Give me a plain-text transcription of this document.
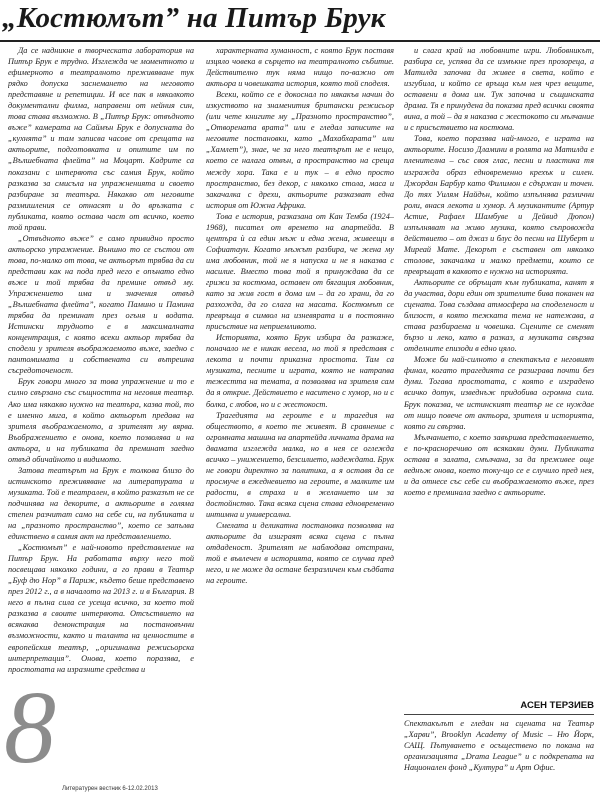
„Костюмът” на Питър Брук

Да се надникне в творческата лаборатория на Питър Брук е трудно. Изглежда че моментното и ефимерното в театралното преживяване тук рядко допуска заснемането на неговото представяне и репетиции. И все пак в няколкото документални филма, направени от нейния син, това става възможно. В „Питър Брук: отвъдното въже” камерата на Саймън Брук е допусната до „кухнята” и там записва часове от срещата на актьорите, подготовката и опитите им по „Вълшебната флейта” на Моцарт. Кадрите са показани с интервюта със самия Брук, който разказва за смисъла на упражненията и своето разбиране за театъра. Някакво от неговите размишления се отнасят и до връзката с публиката, която остава част от всичко, което той прави.

„Отвъдното въже” е само привидно просто актьорско упражнение. Външно то се състои от това, по-малко от това, че актьорът трябва да си представи как на пода пред него е опънато едно въже и той трябва да премине отвъд му. Упражнението има и значения отвъд „Вълшебната флейта”, когато Памино и Памина трябва да преминат през огъня и водата. Истински трудното е в максималната концентрация, с която всеки актьор трябва да сподели у зрителя въображаемото въже, заедно с пантомимата и собствената си вътрешна съсредоточеност.

Брук говори много за това упражнение и то е силно свързано със същността на неговия театър. Ако има някакво нужно на театъра, казва той, то е именно мига, в който актьорът предава на зрителя въображаемото, а зрителят му вярва. Въображението е онова, което позволява и на актьора, и на публиката да преминат заедно отвъд обичайното и видимото.

Затова театърът на Брук е толкова близо до истинското преживяване на литературата и музиката. Той е театрален, в който разказът не се подчинява на декорите, а актьорите в голяма степен разчитат само на себе си, на публиката и на „празното пространство”, което се запълва единствено в самия акт на представлението.

„Костюмът” е най-новото представление на Питър Брук. На рабoтата върху него той посвещава няколко години, а го прави в Театър „Буф дю Нор” в Париж, където беше представено през 2012 г., а в началото на 2013 г. и в България. В него в пълна сила се усеща всичко, за което той разказва в своите интервюта. Отсъствието на всякаква демонстрация на постановъчни възможности, както и таланта на ценностите в европейския театър, „оригинална режисьорска интерпретация”. Онова, което поразява, е простотата на изразните средства и

характерната хуманност, с която Брук поставя изцяло човека в сърцето на театралното събитие. Действително тук няма нищо по-важно от актьора и човешката история, която той споделя.

Всеки, който се е докоснал по някакъв начин до изкуството на знаменития британски режисьор (или чете книгите му „Празното пространство”, „Отворената врата” или е гледал записите на неговите постановки, като „Махабхарата” или „Хамлет”), знае, че за него театърът не е нещо, което се налага отвън, а пространство на среща между хора. Така е и тук – в едно просто пространство, без декор, с няколко стола, маса и закачалка с дрехи, актьорите разказват една история от Южна Африка.

Това е история, разказана от Кан Темба (1924–1968), писател от времето на апартейда. В центъра ѝ са един мъж и една жена, живеещи в Софиатаун. Когато мъжът разбира, че жена му има любовник, той не я напуска и не я наказва с насилие. Вместо това той я принуждава да се грижи за костюма, оставен от бягащия любовник, като за жив гост в дома им – да го храни, да го разхожда, да го слага на масата. Костюмът се превръща в символ на изневярата и в постоянно присъствие на неприемливото.

Историята, която Брук избира да разкаже, поначало не е никак весела, но той я представя с лекота и почти приказна простота. Там са музиката, песните и играта, която не натрапва тежестта на темата, а позволява на зрителя сам да я открие. Действието е наситено с хумор, но и с болка, с любов, но и с жестокост.

Трагедията на героите е и трагедия на обществото, в което те живеят. В сравнение с огромната машина на апартейда личната драма на двамата изглежда малка, но в нея се оглежда всичко – унижението, безсилието, надеждата. Брук не говори директно за политика, а я оставя да се просмуче в ежедневието на героите, в малките им радости, в страха и в желанието им за достойнство. Така всяка сцена става едновременно интимна и универсална.

Смелата и деликатна постановка позволява на актьорите да изиграят всяка сцена с пълна отдаденост. Зрителят не наблюдава отстрани, той е въвлечен в историята, която се случва пред него, и не може да остане безразличен към съдбата на героите.

и слага край на любовните игри. Любовникът, разбира се, успява да се измъкне през прозореца, а Матилда започва да живее в света, който е изгубила, и който се връща към нея чрез вещите, оставени в дома им. Тук започва и същинската драма. Тя е принудена да показва пред всички своята вина, а той – да я наказва с жестокото си мълчание и с присъствието на костюма.

Това, което поразява най-много, е играта на актьорите. Носизо Дламини в ролята на Матилда е пленителна – със своя глас, песни и пластика тя изгражда образ едновременно крехък и силен. Джордан Барбур като Филимон е сдържан и точен. До тях Уилям Найдън, който изпълнява различни роли, внася лекота и хумор. А музикантите (Артур Астие, Рафаел Шамбуве и Дейвид Дюпон) изпълняват на живо музика, която съпровожда действието – от джаз и блус до песни на Шуберт и Миреай Мате. Декорът е съставен от няколко столове, закачалка и малко предмети, които се превръщат в каквото е нужно на историята.

Актьорите се обръщат към публиката, канят я да участва, дори един от зрителите бива поканен на сцената. Това създава атмосфера на споделеност и близост, в която тежката тема не натежава, а става разбираема и човешка. Сцените се сменят бързо и леко, като в разказ, а музиката свързва отделните епизоди в едно цяло.

Може би най-силното в спектакъла е неговият финал, когато трагедията се разиграва почти без думи. Тогава простотата, с която е изградено всичко дотук, изведнъж придобива огромна сила. Брук показва, че истинският театър не се нуждае от нищо повече от актьора, зрителя и историята, която ги свързва.

Мълчанието, с което завършва представлението, е по-красноречиво от всякакви думи. Публиката остава в залата, смълчана, за да преживее още веднъж онова, което току-що се е случило пред нея, и да отнесе със себе си въображаемото въже, през което е преминала заедно с актьорите.

8
Литературен вестник 6-12.02.2013
АСЕН ТЕРЗИЕВ

Спектакълът е гледан на сцената на Театър „Харви”, Brooklyn Academy of Music – Ню Йорк, САЩ. Пътуването е осъществено по покана на организацията „Drama League” и с подкрепата на Национален фонд „Култура” и Арт Офис.
